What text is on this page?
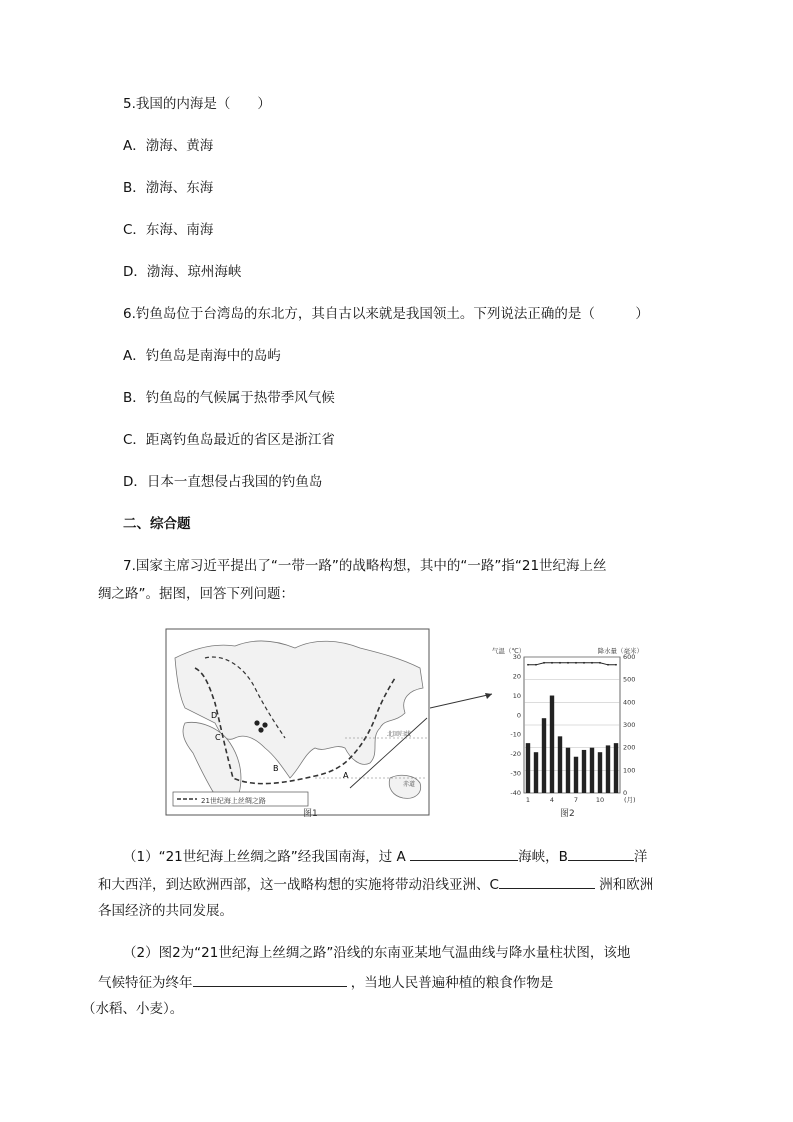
5.我国的内海是（　　）
A．渤海、黄海
B．渤海、东海
C．东海、南海
D．渤海、琼州海峡
6.钓鱼岛位于台湾岛的东北方，其自古以来就是我国领土。下列说法正确的是（　　　）
A．钓鱼岛是南海中的岛屿
B．钓鱼岛的气候属于热带季风气候
C．距离钓鱼岛最近的省区是浙江省
D．日本一直想侵占我国的钓鱼岛
二、综合题
7.国家主席习近平提出了“一带一路”的战略构想，其中的“一路”指“21世纪海上丝
绸之路”。据图，回答下列问题：
北回归线
赤道
D
C
B
A
21世纪海上丝绸之路
图1
气温（℃）	降水量（毫米）
600
500
400
300
200
100
0
30
20
10
0
-10
-20
-30
-40
1	4	7	10	(月)
图2
（1）“21世纪海上丝绸之路”经我国南海，过 A	海峡，B	洋
和大西洋，到达欧洲西部，这一战略构想的实施将带动沿线亚洲、C	洲和欧洲
各国经济的共同发展。
（2）图2为“21世纪海上丝绸之路”沿线的东南亚某地气温曲线与降水量柱状图，该地
气候特征为终年	，当地人民普遍种植的粮食作物是
（水稻、小麦）。
